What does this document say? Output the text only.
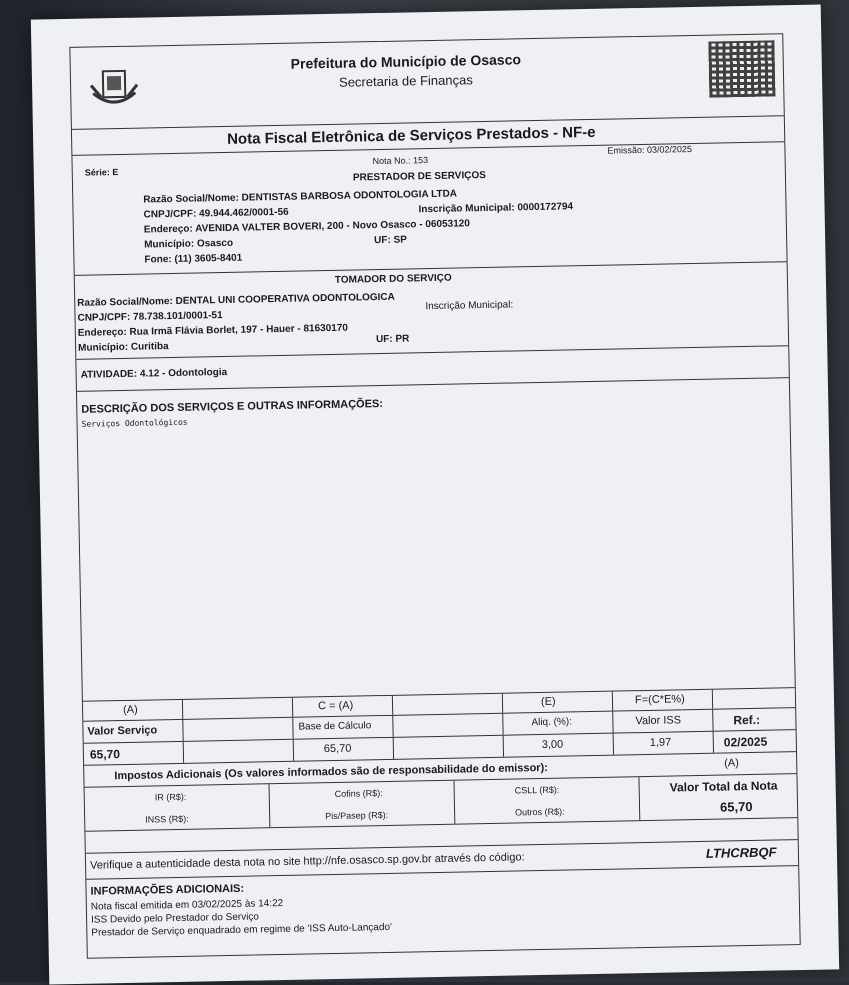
Prefeitura do Município de Osasco
Secretaria de Finanças
Nota Fiscal Eletrônica de Serviços Prestados - NF-e
Série: E
Nota No.: 153
Emissão: 03/02/2025
PRESTADOR DE SERVIÇOS
Razão Social/Nome: DENTISTAS BARBOSA ODONTOLOGIA LTDA
CNPJ/CPF: 49.944.462/0001-56	Inscrição Municipal: 0000172794
Endereço: AVENIDA VALTER BOVERI, 200 - Novo Osasco - 06053120
Município: Osasco	UF: SP
Fone: (11) 3605-8401
TOMADOR DO SERVIÇO
Razão Social/Nome: DENTAL UNI COOPERATIVA ODONTOLOGICA
CNPJ/CPF: 78.738.101/0001-51
Inscrição Municipal:
Endereço: Rua Irmã Flávia Borlet, 197 - Hauer - 81630170
Município: Curitiba
UF: PR
ATIVIDADE: 4.12 - Odontologia
DESCRIÇÃO DOS SERVIÇOS E OUTRAS INFORMAÇÕES:
Serviços Odontológicos
(A)	C = (A)	(E)	F=(C*E%)
Valor Serviço	Base de Cálculo	Aliq. (%):	Valor ISS	Ref.:
65,70	65,70	3,00	1,97	02/2025
Impostos Adicionais (Os valores informados são de responsabilidade do emissor):	(A)
IR (R$):
INSS (R$):
Cofins (R$):
Pis/Pasep (R$):
CSLL (R$):
Outros (R$):
Valor Total da Nota
65,70
Verifique a autenticidade desta nota no site http://nfe.osasco.sp.gov.br através do código:	LTHCRBQF
INFORMAÇÕES ADICIONAIS:
Nota fiscal emitida em 03/02/2025 às 14:22
ISS Devido pelo Prestador do Serviço
Prestador de Serviço enquadrado em regime de 'ISS Auto-Lançado'
